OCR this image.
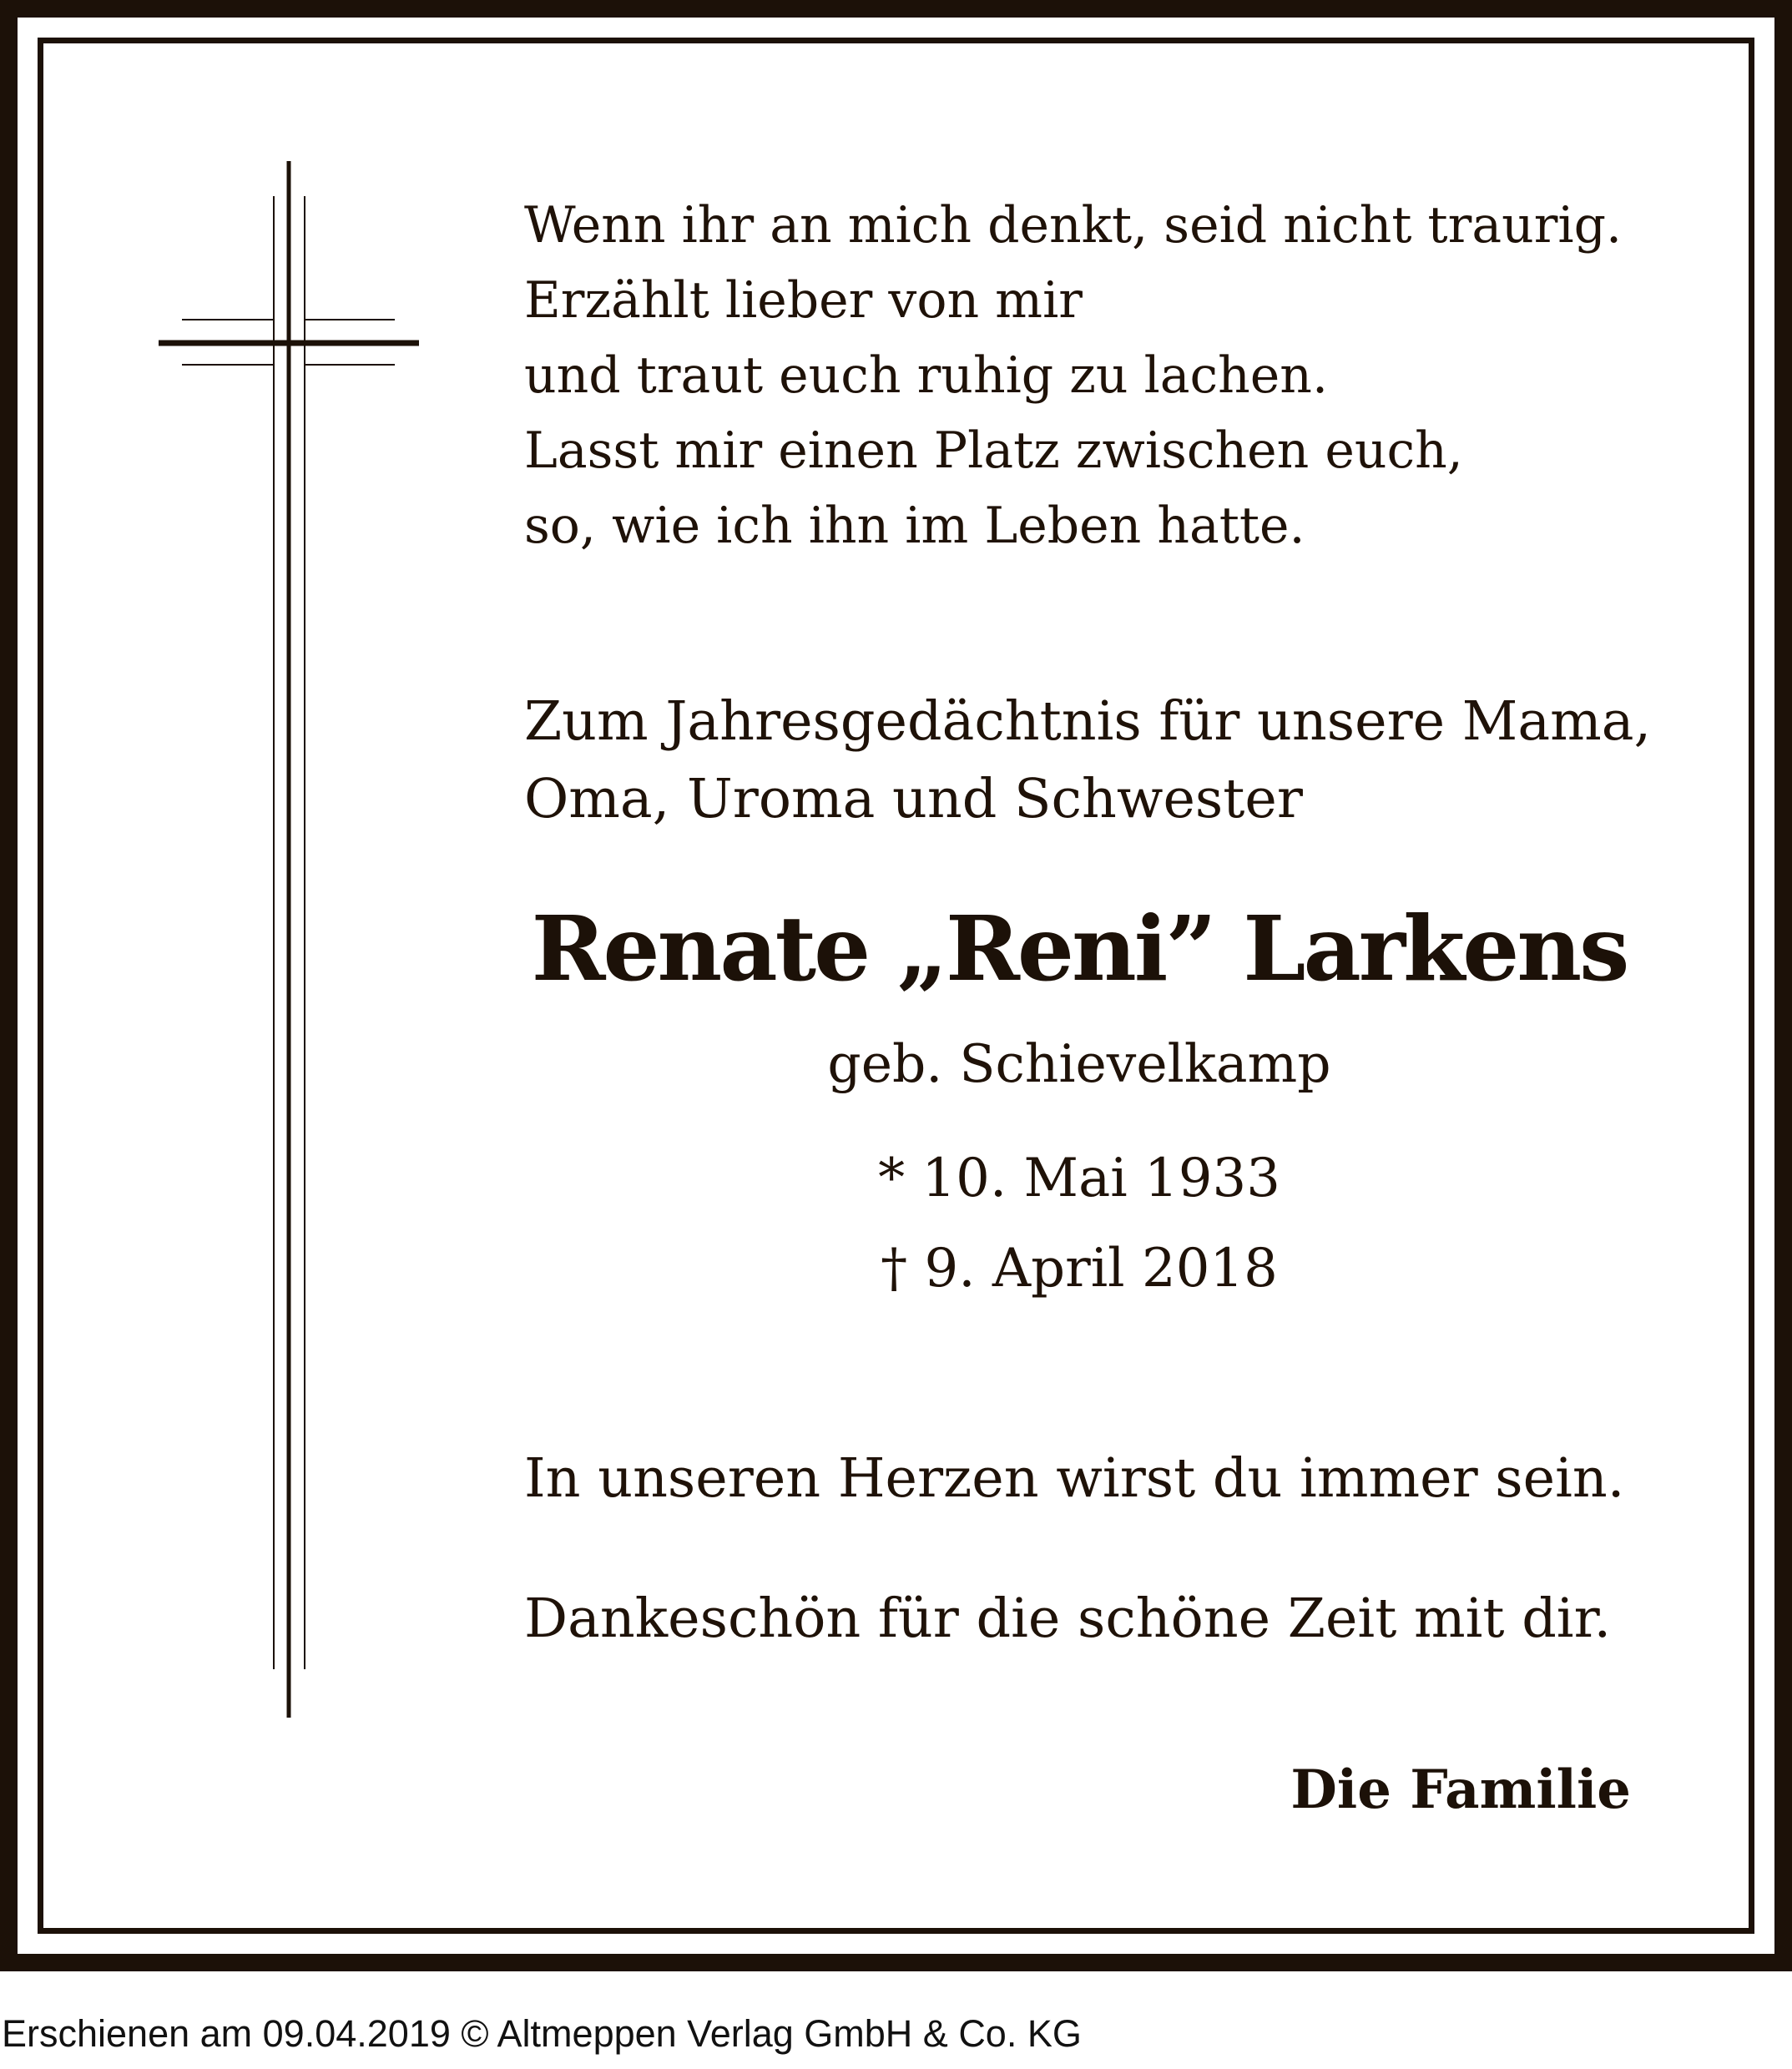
Wenn ihr an mich denkt, seid nicht traurig.
Erzählt lieber von mir
und traut euch ruhig zu lachen.
Lasst mir einen Platz zwischen euch,
so, wie ich ihn im Leben hatte.
Zum Jahresgedächtnis für unsere Mama,
Oma, Uroma und Schwester
Renate „Reni” Larkens
geb. Schievelkamp
* 10. Mai 1933
† 9. April 2018
In unseren Herzen wirst du immer sein.
Dankeschön für die schöne Zeit mit dir.
Die Familie
Erschienen am 09.04.2019 © Altmeppen Verlag GmbH & Co. KG
